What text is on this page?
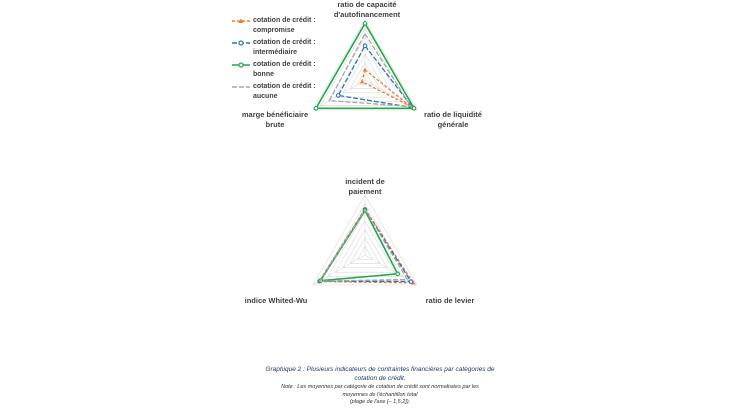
cotation de crédit :
compromise
cotation de crédit :
intermédiaire
cotation de crédit :
bonne
cotation de crédit :
aucune
ratio de capacité
d'autofinancement
ratio de liquidité
générale
marge bénéficiaire
brute
incident de
paiement
ratio de levier
indice Whited-Wu
Graphique 2 : Plusieurs indicateurs de contraintes financières par catégories de
cotation de crédit.
Note : Les moyennes par catégorie de cotation de crédit sont normalisées par les
moyennes de l'échantillon total
(plage de l'axe [– 1,5;2]).
